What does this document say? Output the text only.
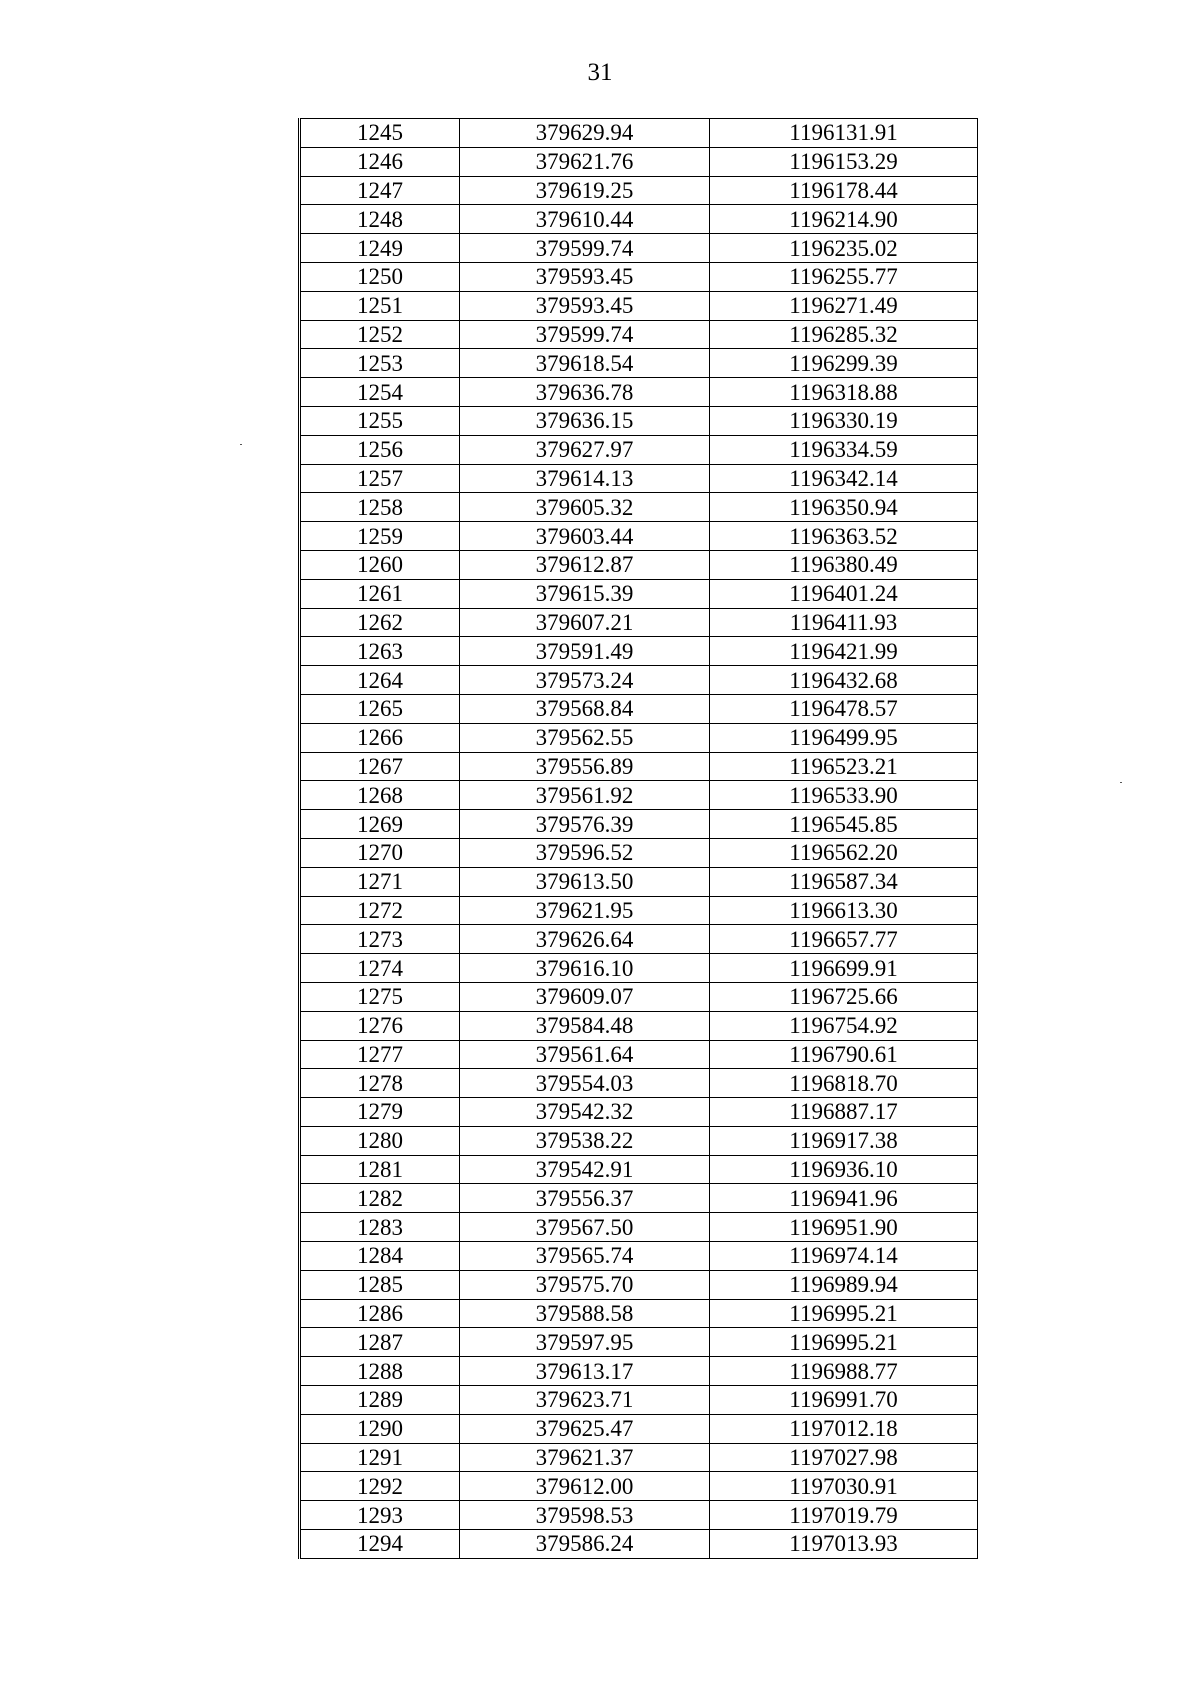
31
1245	379629.94	1196131.91
1246	379621.76	1196153.29
1247	379619.25	1196178.44
1248	379610.44	1196214.90
1249	379599.74	1196235.02
1250	379593.45	1196255.77
1251	379593.45	1196271.49
1252	379599.74	1196285.32
1253	379618.54	1196299.39
1254	379636.78	1196318.88
1255	379636.15	1196330.19
1256	379627.97	1196334.59
1257	379614.13	1196342.14
1258	379605.32	1196350.94
1259	379603.44	1196363.52
1260	379612.87	1196380.49
1261	379615.39	1196401.24
1262	379607.21	1196411.93
1263	379591.49	1196421.99
1264	379573.24	1196432.68
1265	379568.84	1196478.57
1266	379562.55	1196499.95
1267	379556.89	1196523.21
1268	379561.92	1196533.90
1269	379576.39	1196545.85
1270	379596.52	1196562.20
1271	379613.50	1196587.34
1272	379621.95	1196613.30
1273	379626.64	1196657.77
1274	379616.10	1196699.91
1275	379609.07	1196725.66
1276	379584.48	1196754.92
1277	379561.64	1196790.61
1278	379554.03	1196818.70
1279	379542.32	1196887.17
1280	379538.22	1196917.38
1281	379542.91	1196936.10
1282	379556.37	1196941.96
1283	379567.50	1196951.90
1284	379565.74	1196974.14
1285	379575.70	1196989.94
1286	379588.58	1196995.21
1287	379597.95	1196995.21
1288	379613.17	1196988.77
1289	379623.71	1196991.70
1290	379625.47	1197012.18
1291	379621.37	1197027.98
1292	379612.00	1197030.91
1293	379598.53	1197019.79
1294	379586.24	1197013.93
